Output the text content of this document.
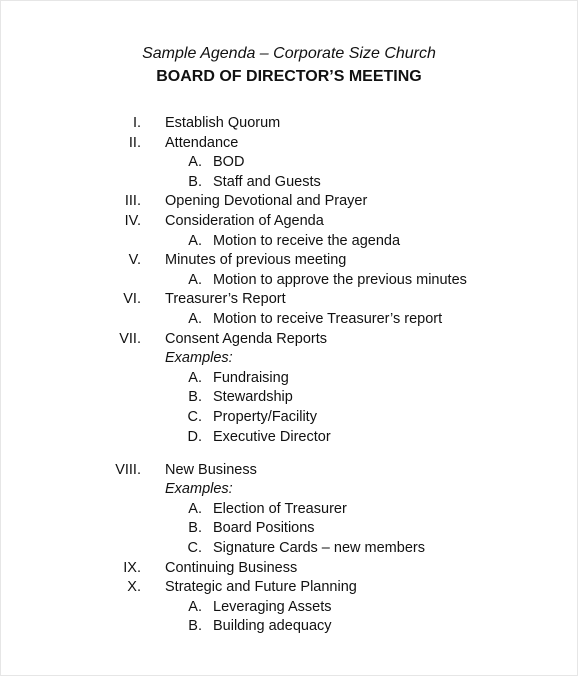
Sample Agenda – Corporate Size Church
BOARD OF DIRECTOR’S MEETING
I. Establish Quorum
II. Attendance
A. BOD
B. Staff and Guests
III. Opening Devotional and Prayer
IV. Consideration of Agenda
A. Motion to receive the agenda
V. Minutes of previous meeting
A. Motion to approve the previous minutes
VI. Treasurer’s Report
A. Motion to receive Treasurer’s report
VII. Consent Agenda Reports
Examples:
A. Fundraising
B. Stewardship
C. Property/Facility
D. Executive Director
VIII. New Business
Examples:
A. Election of Treasurer
B. Board Positions
C. Signature Cards – new members
IX. Continuing Business
X. Strategic and Future Planning
A. Leveraging Assets
B. Building adequacy
